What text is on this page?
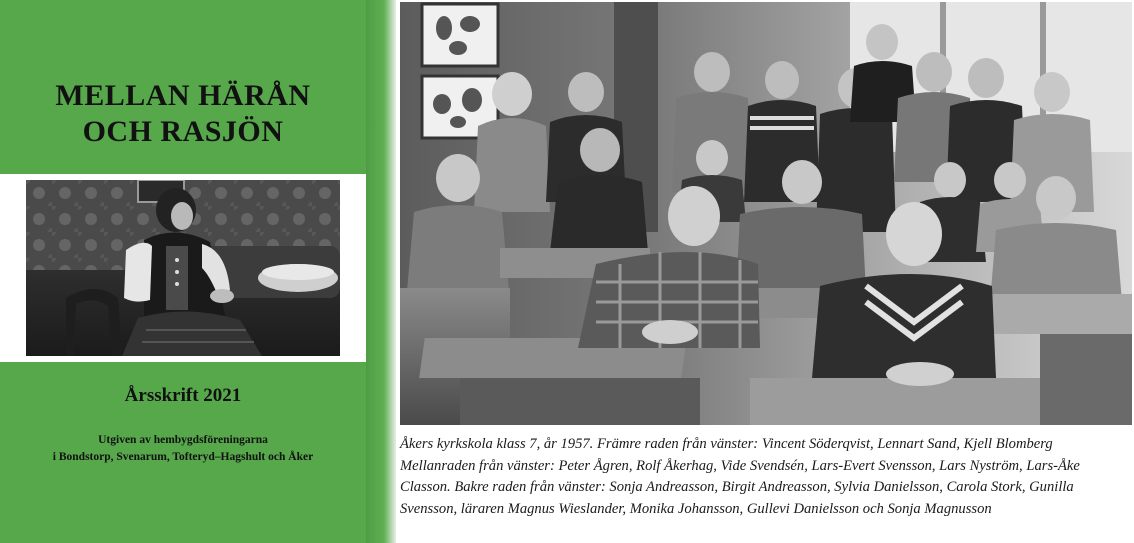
MELLAN HÄRÅN
OCH RASJÖN
Årsskrift 2021
Utgiven av hembygdsföreningarna
i Bondstorp, Svenarum, Tofteryd–Hagshult och Åker
Åkers kyrkskola klass 7, år 1957. Främre raden från vänster: Vincent Söderqvist, Lennart Sand, Kjell Blomberg Mellanraden från vänster: Peter Ågren, Rolf Åkerhag, Vide Svendsén, Lars-Evert Svensson, Lars Nyström, Lars-Åke Classon. Bakre raden från vänster: Sonja Andreasson, Birgit Andreasson, Sylvia Danielsson, Carola Stork, Gunilla Svensson, läraren Magnus Wieslander, Monika Johansson, Gullevi Danielsson och Sonja Magnusson
